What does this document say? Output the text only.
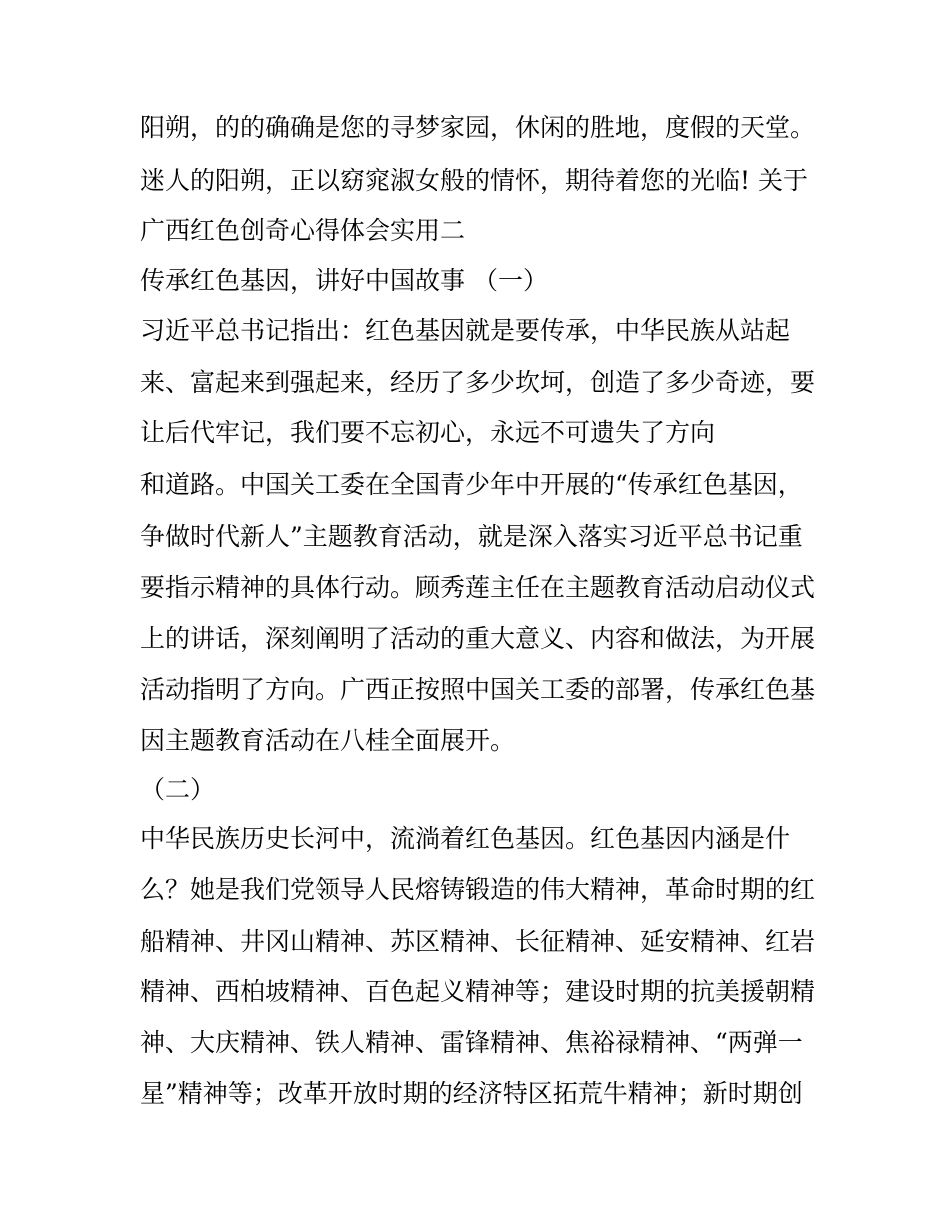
阳朔，的的确确是您的寻梦家园，休闲的胜地，度假的天堂。

迷人的阳朔，正以窈窕淑女般的情怀，期待着您的光临! 关于

广西红色创奇心得体会实用二

传承红色基因，讲好中国故事 （一）

习近平总书记指出：红色基因就是要传承，中华民族从站起

来、富起来到强起来，经历了多少坎坷，创造了多少奇迹，要

让后代牢记，我们要不忘初心，永远不可遗失了方向

和道路。中国关工委在全国青少年中开展的“传承红色基因，

争做时代新人”主题教育活动，就是深入落实习近平总书记重

要指示精神的具体行动。顾秀莲主任在主题教育活动启动仪式

上的讲话，深刻阐明了活动的重大意义、内容和做法，为开展

活动指明了方向。广西正按照中国关工委的部署，传承红色基

因主题教育活动在八桂全面展开。

（二）

中华民族历史长河中，流淌着红色基因。红色基因内涵是什

么？她是我们党领导人民熔铸锻造的伟大精神，革命时期的红

船精神、井冈山精神、苏区精神、长征精神、延安精神、红岩

精神、西柏坡精神、百色起义精神等；建设时期的抗美援朝精

神、大庆精神、铁人精神、雷锋精神、焦裕禄精神、“两弹一

星”精神等；改革开放时期的经济特区拓荒牛精神；新时期创
